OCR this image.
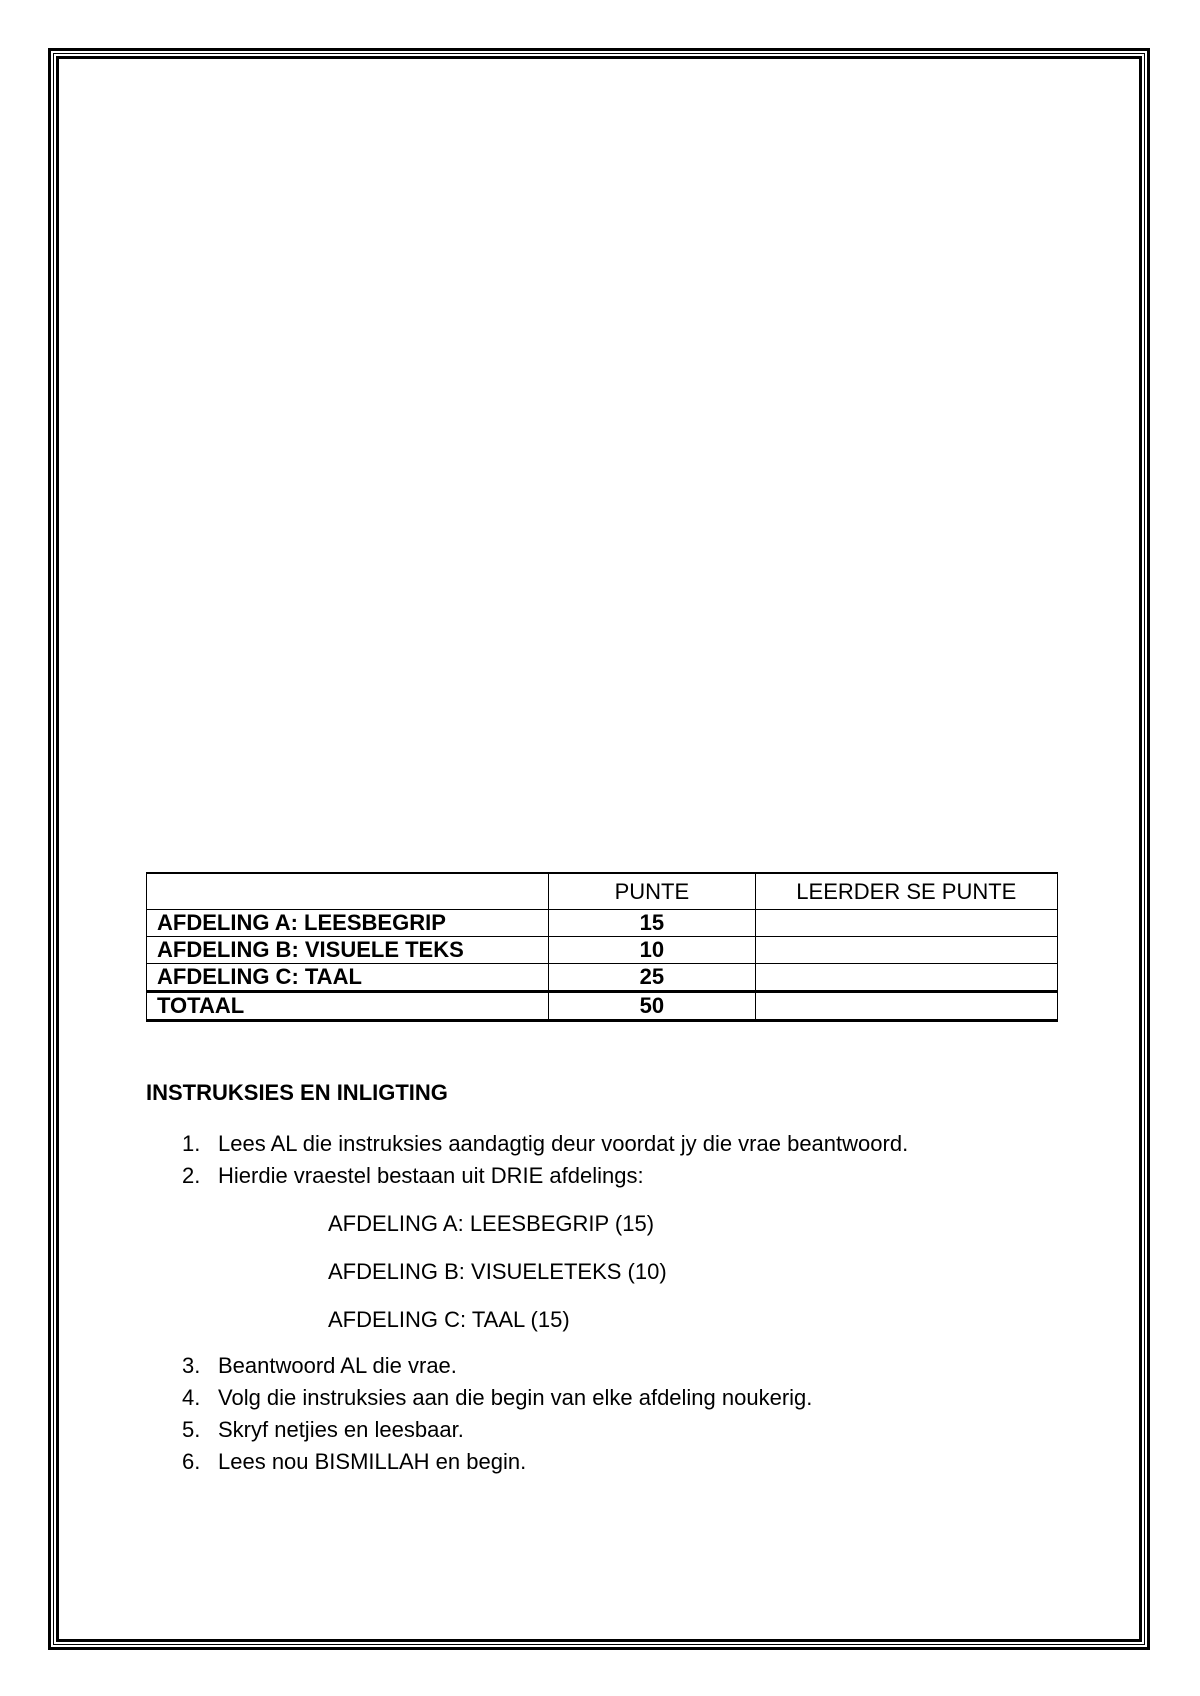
	PUNTE	LEERDER SE PUNTE
AFDELING A: LEESBEGRIP	15	
AFDELING B: VISUELE TEKS	10	
AFDELING C: TAAL	25	
TOTAAL	50	
INSTRUKSIES EN INLIGTING
1. Lees AL die instruksies aandagtig deur voordat jy die vrae beantwoord.
2. Hierdie vraestel bestaan uit DRIE afdelings:
AFDELING A: LEESBEGRIP (15)
AFDELING B: VISUELETEKS (10)
AFDELING C: TAAL (15)
3. Beantwoord AL die vrae.
4. Volg die instruksies aan die begin van elke afdeling noukerig.
5. Skryf netjies en leesbaar.
6. Lees nou BISMILLAH en begin.
